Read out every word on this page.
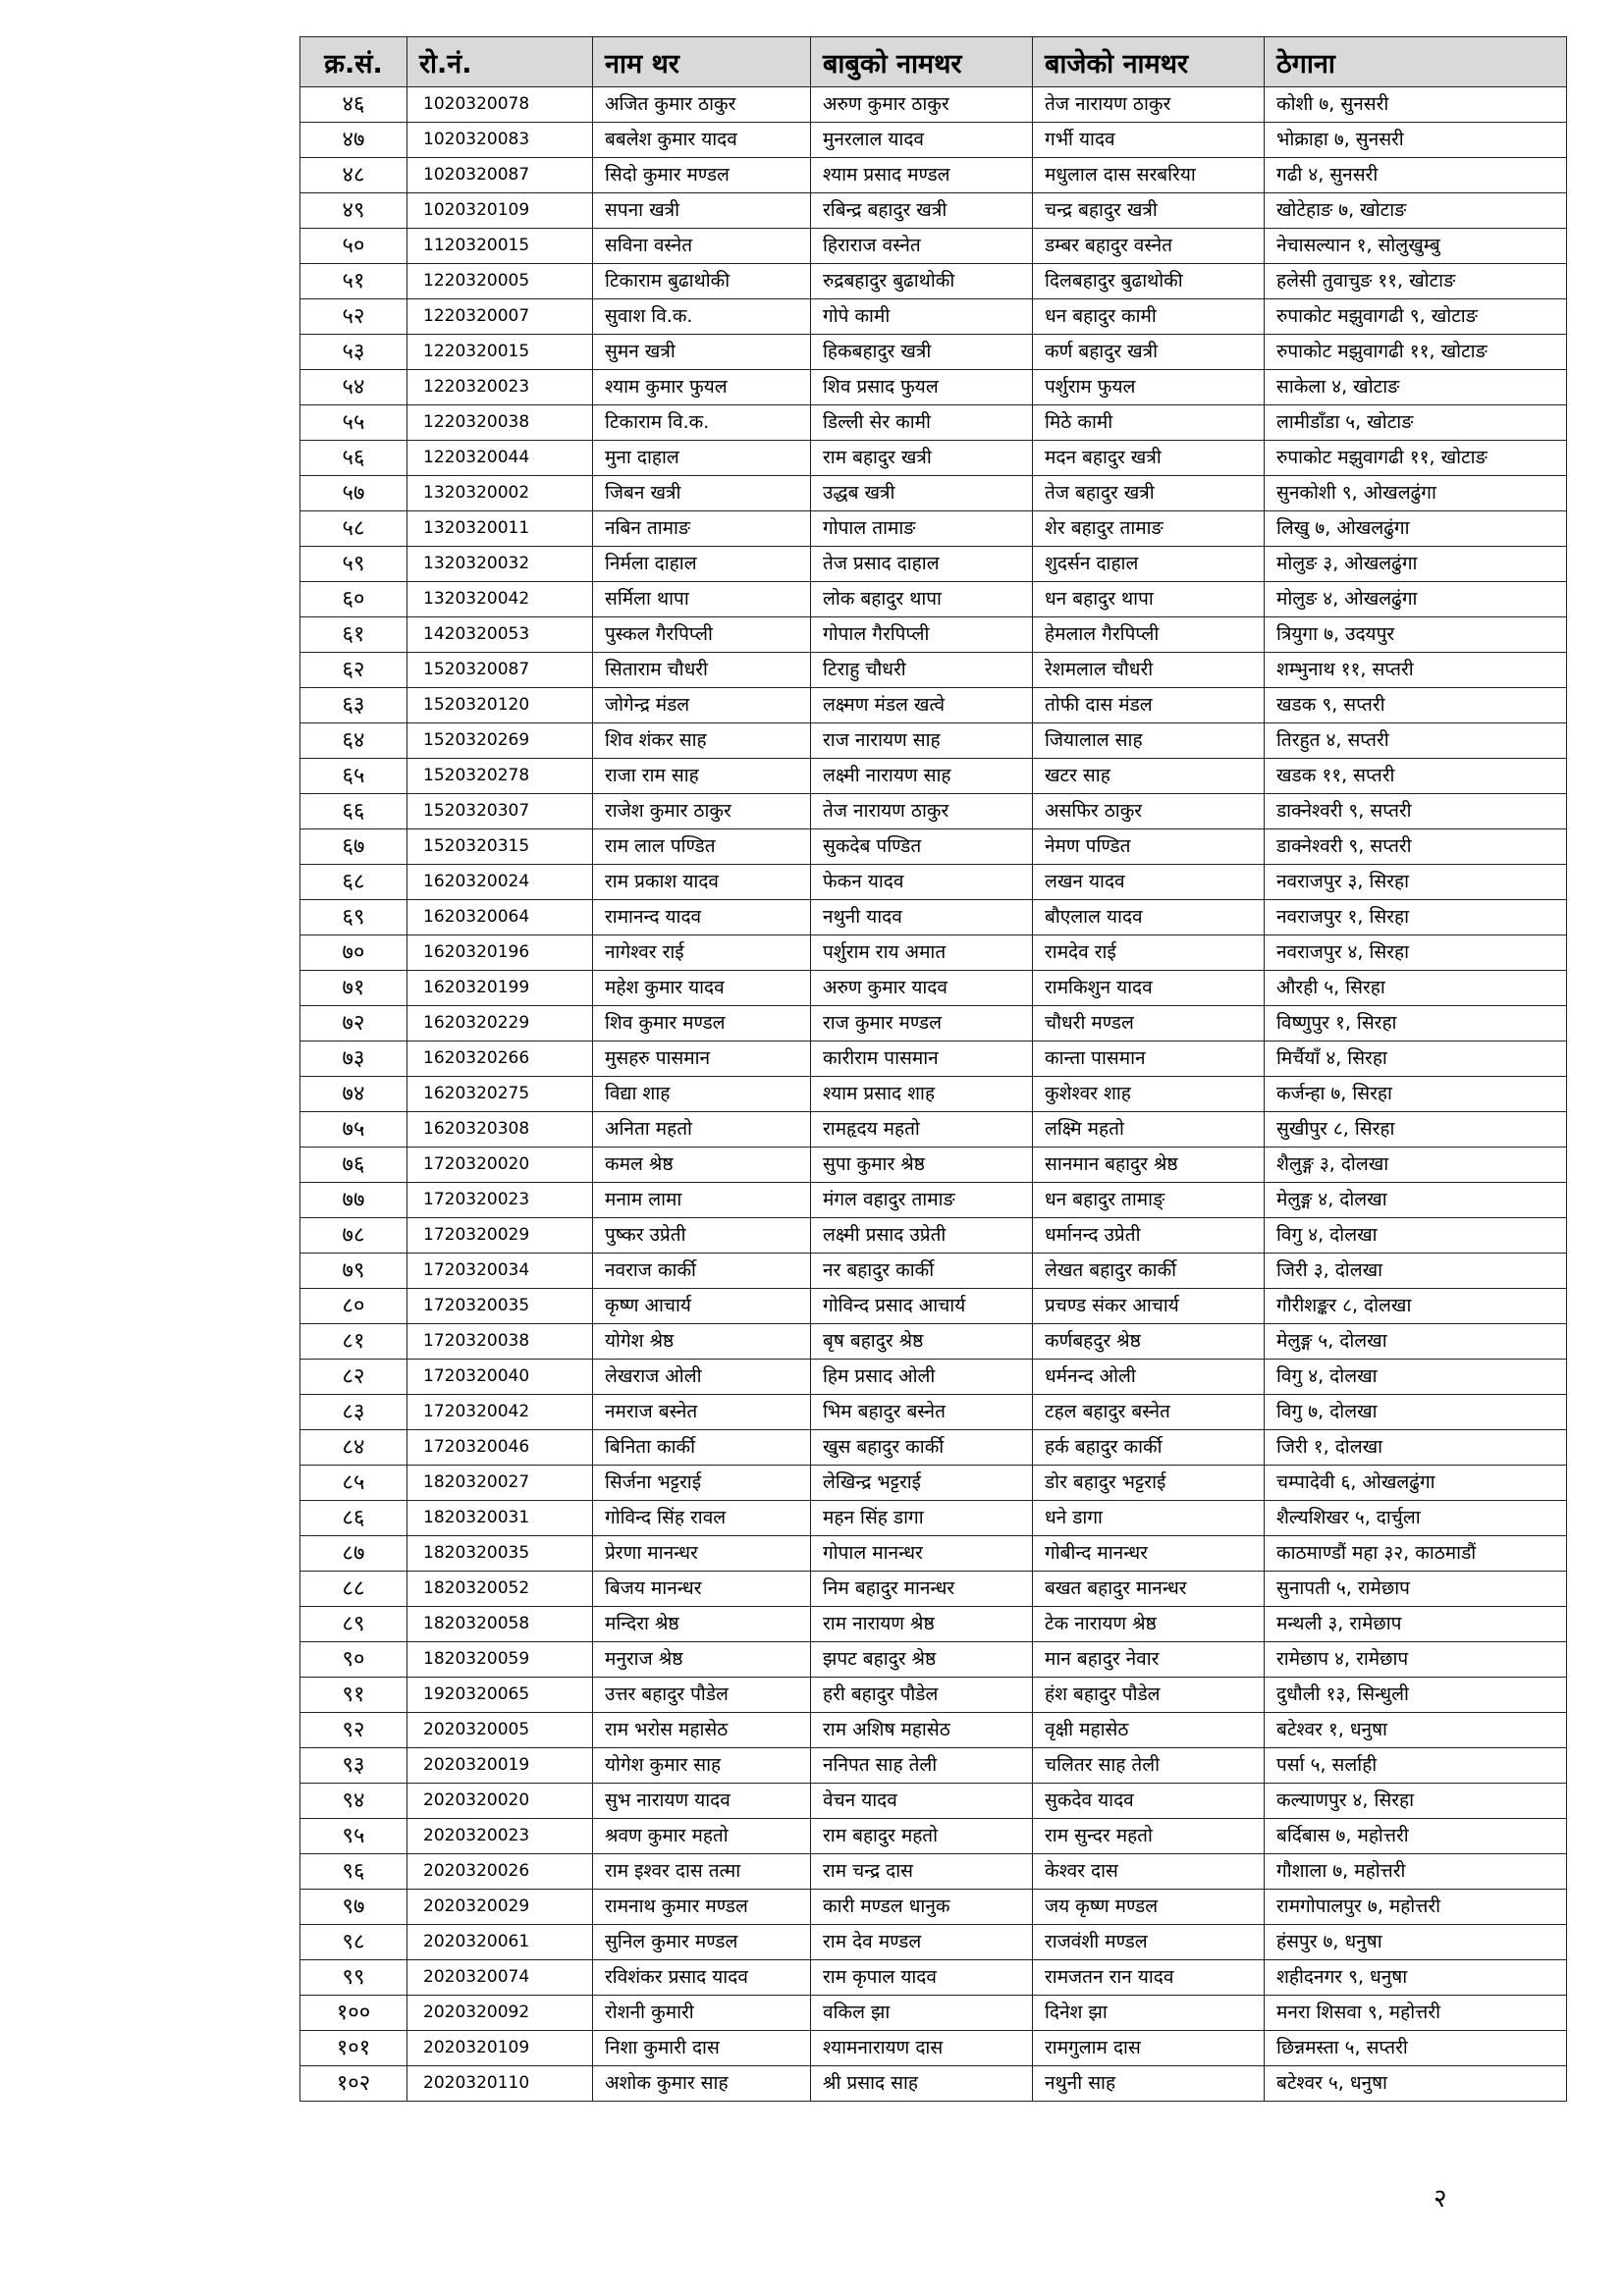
क्र.सं.	रो.नं.	नाम थर	बाबुको नामथर	बाजेको नामथर	ठेगाना
४६	1020320078	अजित कुमार ठाकुर	अरुण कुमार ठाकुर	तेज नारायण ठाकुर	कोशी ७, सुनसरी
४७	1020320083	बबलेश कुमार यादव	मुनरलाल यादव	गर्भी यादव	भोक्राहा ७, सुनसरी
४८	1020320087	सिदो कुमार मण्डल	श्याम प्रसाद मण्डल	मधुलाल दास सरबरिया	गढी ४, सुनसरी
४९	1020320109	सपना खत्री	रबिन्द्र बहादुर खत्री	चन्द्र बहादुर खत्री	खोटेहाङ ७, खोटाङ
५०	1120320015	सविना वस्नेत	हिराराज वस्नेत	डम्बर बहादुर वस्नेत	नेचासल्यान १, सोलुखुम्बु
५१	1220320005	टिकाराम बुढाथोकी	रुद्रबहादुर बुढाथोकी	दिलबहादुर बुढाथोकी	हलेसी तुवाचुङ ११, खोटाङ
५२	1220320007	सुवाश वि.क.	गोपे कामी	धन बहादुर कामी	रुपाकोट मझुवागढी ९, खोटाङ
५३	1220320015	सुमन खत्री	हिकबहादुर खत्री	कर्ण बहादुर खत्री	रुपाकोट मझुवागढी ११, खोटाङ
५४	1220320023	श्याम कुमार फुयल	शिव प्रसाद फुयल	पर्शुराम फुयल	साकेला ४, खोटाङ
५५	1220320038	टिकाराम वि.क.	डिल्ली सेर कामी	मिठे कामी	लामीडाँडा ५, खोटाङ
५६	1220320044	मुना दाहाल	राम बहादुर खत्री	मदन बहादुर खत्री	रुपाकोट मझुवागढी ११, खोटाङ
५७	1320320002	जिबन खत्री	उद्धब खत्री	तेज बहादुर खत्री	सुनकोशी ९, ओखलढुंगा
५८	1320320011	नबिन तामाङ	गोपाल तामाङ	शेर बहादुर तामाङ	लिखु ७, ओखलढुंगा
५९	1320320032	निर्मला दाहाल	तेज प्रसाद दाहाल	शुदर्सन दाहाल	मोलुङ ३, ओखलढुंगा
६०	1320320042	सर्मिला थापा	लोक बहादुर थापा	धन बहादुर थापा	मोलुङ ४, ओखलढुंगा
६१	1420320053	पुस्कल गैरपिप्ली	गोपाल गैरपिप्ली	हेमलाल गैरपिप्ली	त्रियुगा ७, उदयपुर
६२	1520320087	सिताराम चौधरी	टिराहु चौधरी	रेशमलाल चौधरी	शम्भुनाथ ११, सप्तरी
६३	1520320120	जोगेन्द्र मंडल	लक्ष्मण मंडल खत्वे	तोफी दास मंडल	खडक ९, सप्तरी
६४	1520320269	शिव शंकर साह	राज नारायण साह	जियालाल साह	तिरहुत ४, सप्तरी
६५	1520320278	राजा राम साह	लक्ष्मी नारायण साह	खटर साह	खडक ११, सप्तरी
६६	1520320307	राजेश कुमार ठाकुर	तेज नारायण ठाकुर	असफिर ठाकुर	डाक्नेश्वरी ९, सप्तरी
६७	1520320315	राम लाल पण्डित	सुकदेब पण्डित	नेमण पण्डित	डाक्नेश्वरी ९, सप्तरी
६८	1620320024	राम प्रकाश यादव	फेकन यादव	लखन यादव	नवराजपुर ३, सिरहा
६९	1620320064	रामानन्द यादव	नथुनी यादव	बौएलाल यादव	नवराजपुर १, सिरहा
७०	1620320196	नागेश्वर राई	पर्शुराम राय अमात	रामदेव राई	नवराजपुर ४, सिरहा
७१	1620320199	महेश कुमार यादव	अरुण कुमार यादव	रामकिशुन यादव	औरही ५, सिरहा
७२	1620320229	शिव कुमार मण्डल	राज कुमार मण्डल	चौधरी मण्डल	विष्णुपुर १, सिरहा
७३	1620320266	मुसहरु पासमान	कारीराम पासमान	कान्ता पासमान	मिर्चैयाँ ४, सिरहा
७४	1620320275	विद्या शाह	श्याम प्रसाद शाह	कुशेश्वर शाह	कर्जन्हा ७, सिरहा
७५	1620320308	अनिता महतो	रामहृदय महतो	लक्ष्मि महतो	सुखीपुर ८, सिरहा
७६	1720320020	कमल श्रेष्ठ	सुपा कुमार श्रेष्ठ	सानमान बहादुर श्रेष्ठ	शैलुङ्ग ३, दोलखा
७७	1720320023	मनाम लामा	मंगल वहादुर तामाङ	धन बहादुर तामाङ्	मेलुङ्ग ४, दोलखा
७८	1720320029	पुष्कर उप्रेती	लक्ष्मी प्रसाद उप्रेती	धर्मानन्द उप्रेती	विगु ४, दोलखा
७९	1720320034	नवराज कार्की	नर बहादुर कार्की	लेखत बहादुर कार्की	जिरी ३, दोलखा
८०	1720320035	कृष्ण आचार्य	गोविन्द प्रसाद आचार्य	प्रचण्ड संकर आचार्य	गौरीशङ्कर ८, दोलखा
८१	1720320038	योगेश श्रेष्ठ	बृष बहादुर श्रेष्ठ	कर्णबहदुर श्रेष्ठ	मेलुङ्ग ५, दोलखा
८२	1720320040	लेखराज ओली	हिम प्रसाद ओली	धर्मनन्द ओली	विगु ४, दोलखा
८३	1720320042	नमराज बस्नेत	भिम बहादुर बस्नेत	टहल बहादुर बस्नेत	विगु ७, दोलखा
८४	1720320046	बिनिता कार्की	खुस बहादुर कार्की	हर्क बहादुर कार्की	जिरी १, दोलखा
८५	1820320027	सिर्जना भट्टराई	लेखिन्द्र भट्टराई	डोर बहादुर भट्टराई	चम्पादेवी ६, ओखलढुंगा
८६	1820320031	गोविन्द सिंह रावल	महन सिंह डागा	धने डागा	शैल्यशिखर ५, दार्चुला
८७	1820320035	प्रेरणा मानन्धर	गोपाल मानन्धर	गोबीन्द मानन्धर	काठमाण्डौं महा ३२, काठमाडौं
८८	1820320052	बिजय मानन्धर	निम बहादुर मानन्धर	बखत बहादुर मानन्धर	सुनापती ५, रामेछाप
८९	1820320058	मन्दिरा श्रेष्ठ	राम नारायण श्रेष्ठ	टेक नारायण श्रेष्ठ	मन्थली ३, रामेछाप
९०	1820320059	मनुराज श्रेष्ठ	झपट बहादुर श्रेष्ठ	मान बहादुर नेवार	रामेछाप ४, रामेछाप
९१	1920320065	उत्तर बहादुर पौडेल	हरी बहादुर पौडेल	हंश बहादुर पौडेल	दुधौली १३, सिन्धुली
९२	2020320005	राम भरोस महासेठ	राम अशिष महासेठ	वृक्षी महासेठ	बटेश्वर १, धनुषा
९३	2020320019	योगेश कुमार साह	ननिपत साह तेली	चलितर साह तेली	पर्सा ५, सर्लाही
९४	2020320020	सुभ नारायण यादव	वेचन यादव	सुकदेव यादव	कल्याणपुर ४, सिरहा
९५	2020320023	श्रवण कुमार महतो	राम बहादुर महतो	राम सुन्दर महतो	बर्दिबास ७, महोत्तरी
९६	2020320026	राम इश्वर दास तत्मा	राम चन्द्र दास	केश्वर दास	गौशाला ७, महोत्तरी
९७	2020320029	रामनाथ कुमार मण्डल	कारी मण्डल धानुक	जय कृष्ण मण्डल	रामगोपालपुर ७, महोत्तरी
९८	2020320061	सुनिल कुमार मण्डल	राम देव मण्डल	राजवंशी मण्डल	हंसपुर ७, धनुषा
९९	2020320074	रविशंकर प्रसाद यादव	राम कृपाल यादव	रामजतन रान यादव	शहीदनगर ९, धनुषा
१००	2020320092	रोशनी कुमारी	वकिल झा	दिनेश झा	मनरा शिसवा ९, महोत्तरी
१०१	2020320109	निशा कुमारी दास	श्यामनारायण दास	रामगुलाम दास	छिन्नमस्ता ५, सप्तरी
१०२	2020320110	अशोक कुमार साह	श्री प्रसाद साह	नथुनी साह	बटेश्वर ५, धनुषा
२
